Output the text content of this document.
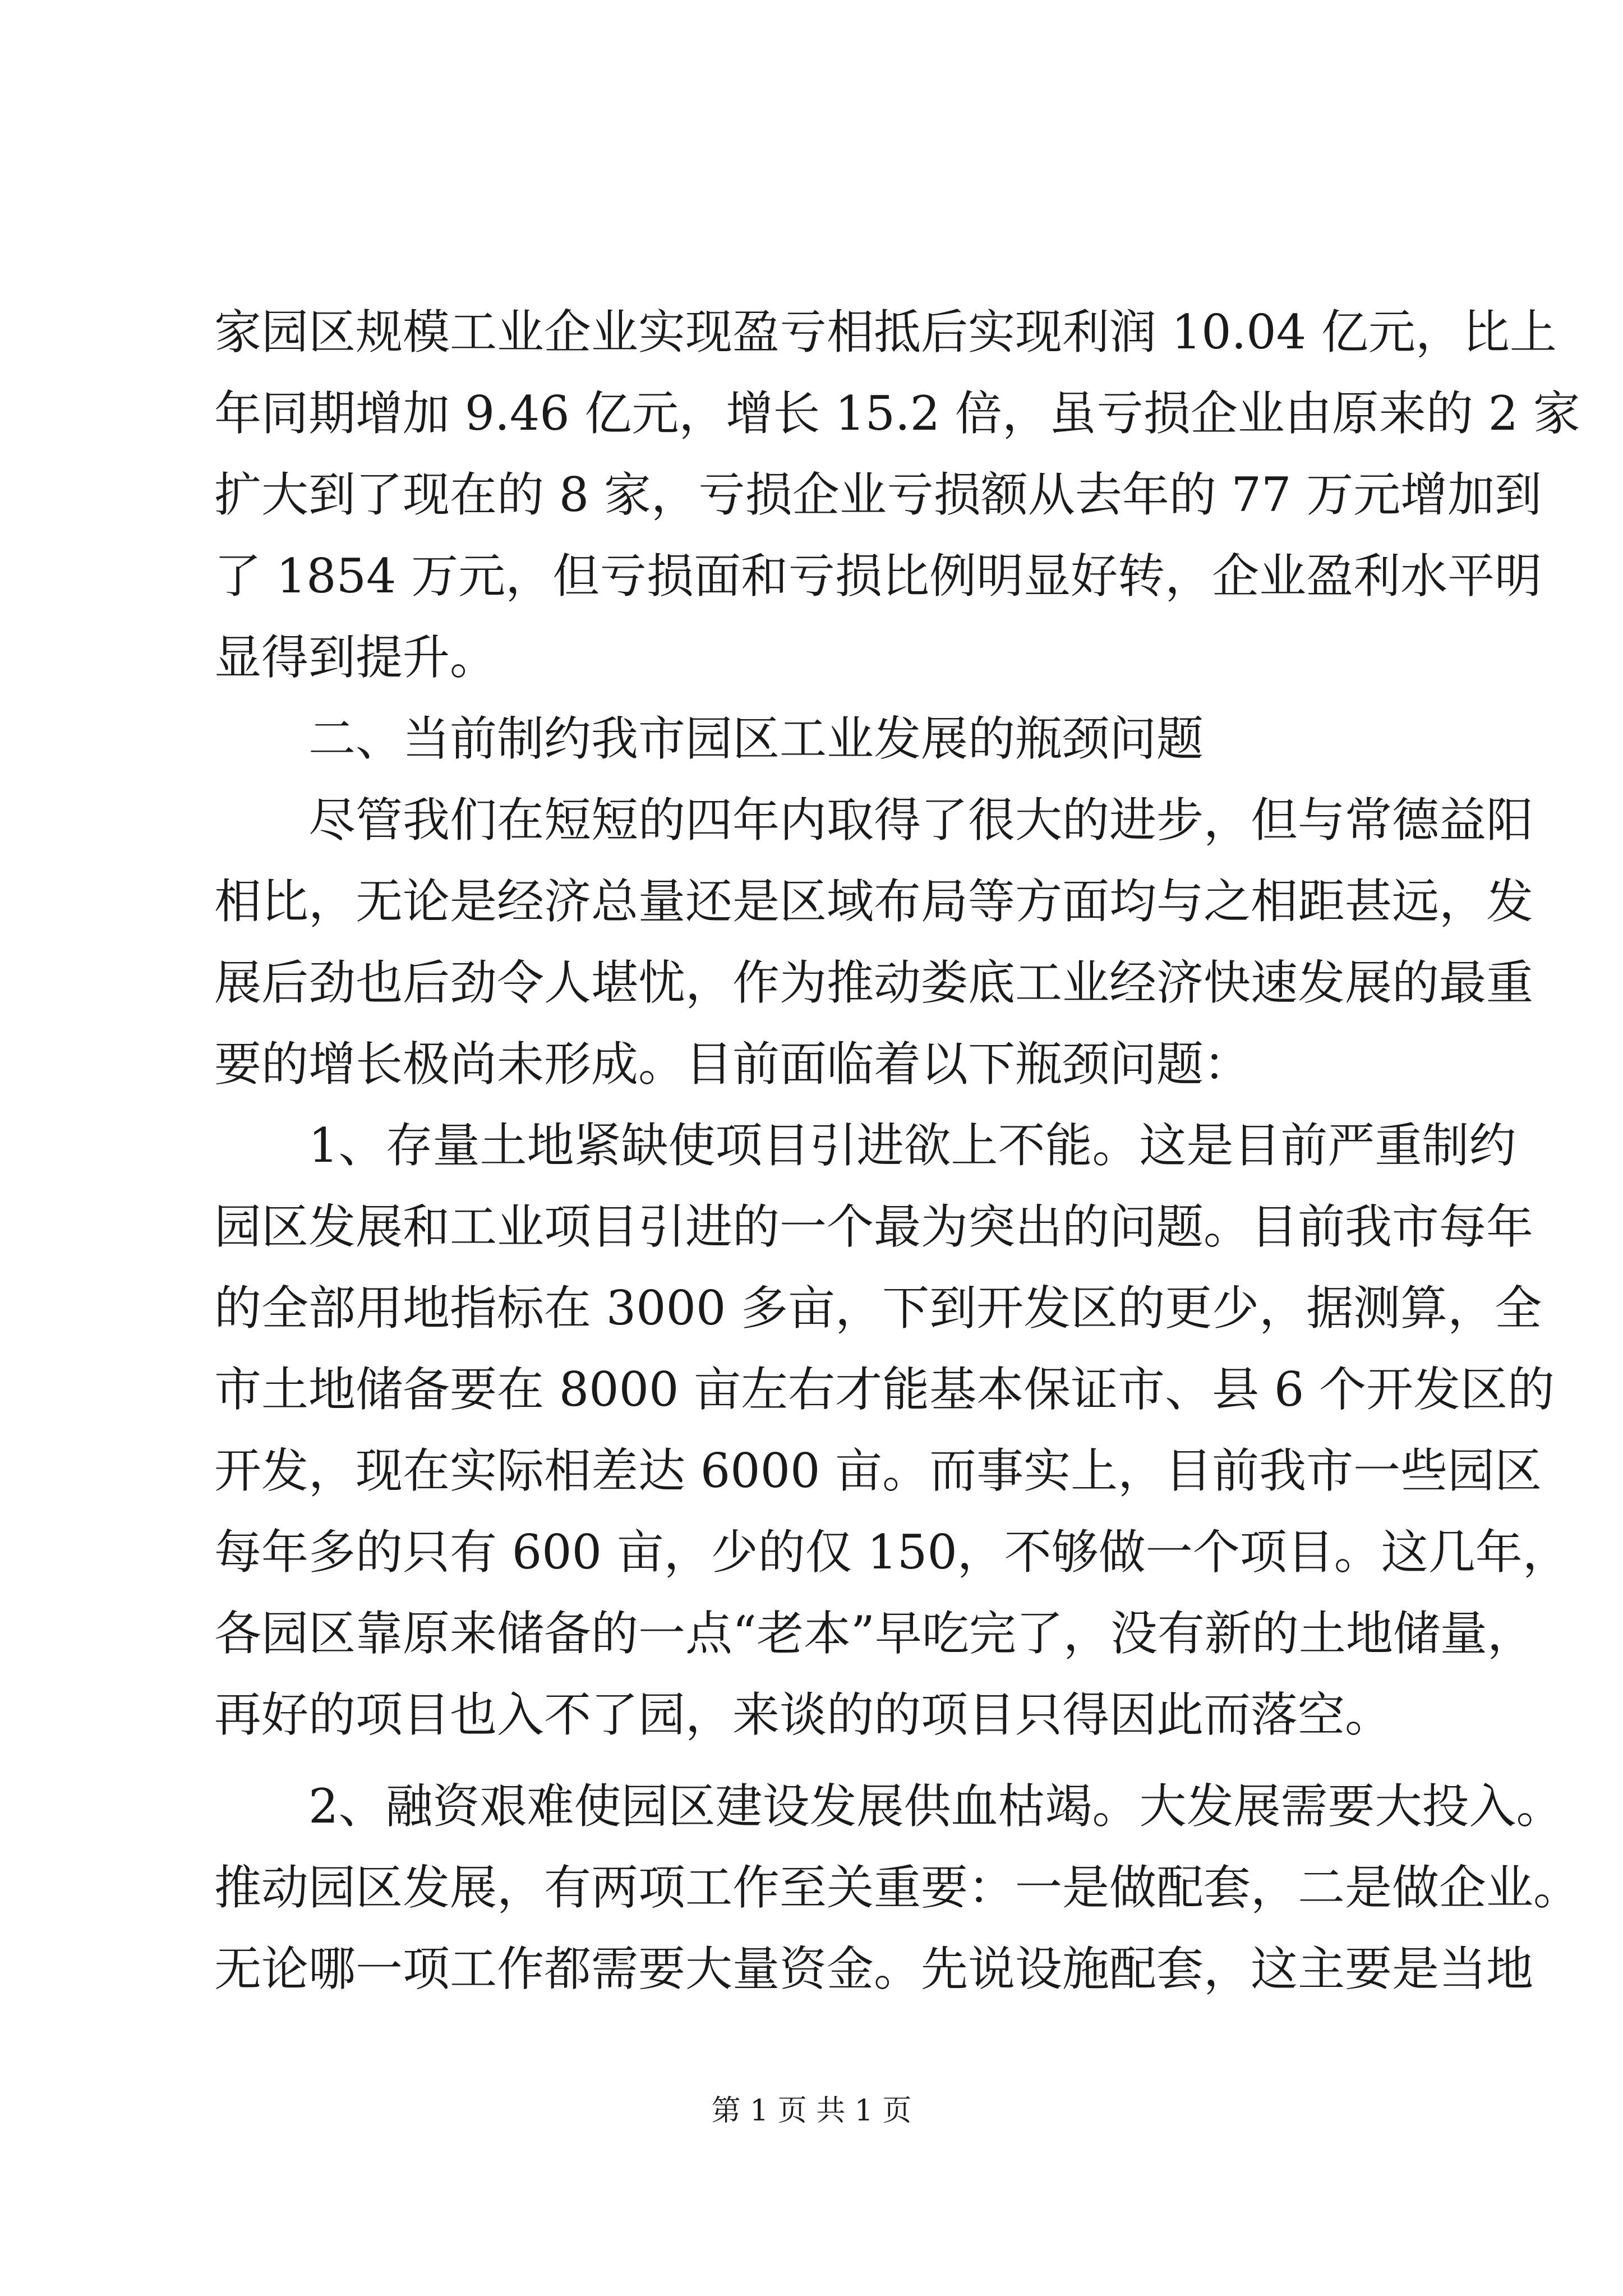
家园区规模工业企业实现盈亏相抵后实现利润 10.04 亿元，比上
年同期增加 9.46 亿元，增长 15.2 倍，虽亏损企业由原来的 2 家
扩大到了现在的 8 家，亏损企业亏损额从去年的 77 万元增加到
了 1854 万元，但亏损面和亏损比例明显好转，企业盈利水平明
显得到提升。
　　二、当前制约我市园区工业发展的瓶颈问题
　　尽管我们在短短的四年内取得了很大的进步，但与常德益阳
相比，无论是经济总量还是区域布局等方面均与之相距甚远，发
展后劲也后劲令人堪忧，作为推动娄底工业经济快速发展的最重
要的增长极尚未形成。目前面临着以下瓶颈问题：
　　1、存量土地紧缺使项目引进欲上不能。这是目前严重制约
园区发展和工业项目引进的一个最为突出的问题。目前我市每年
的全部用地指标在 3000 多亩，下到开发区的更少，据测算，全
市土地储备要在 8000 亩左右才能基本保证市、县 6 个开发区的
开发，现在实际相差达 6000 亩。而事实上，目前我市一些园区
每年多的只有 600 亩，少的仅 150，不够做一个项目。这几年，
各园区靠原来储备的一点“老本”早吃完了，没有新的土地储量，
再好的项目也入不了园，来谈的的项目只得因此而落空。
　　2、融资艰难使园区建设发展供血枯竭。大发展需要大投入。
推动园区发展，有两项工作至关重要：一是做配套，二是做企业。
无论哪一项工作都需要大量资金。先说设施配套，这主要是当地
第 1 页 共 1 页
